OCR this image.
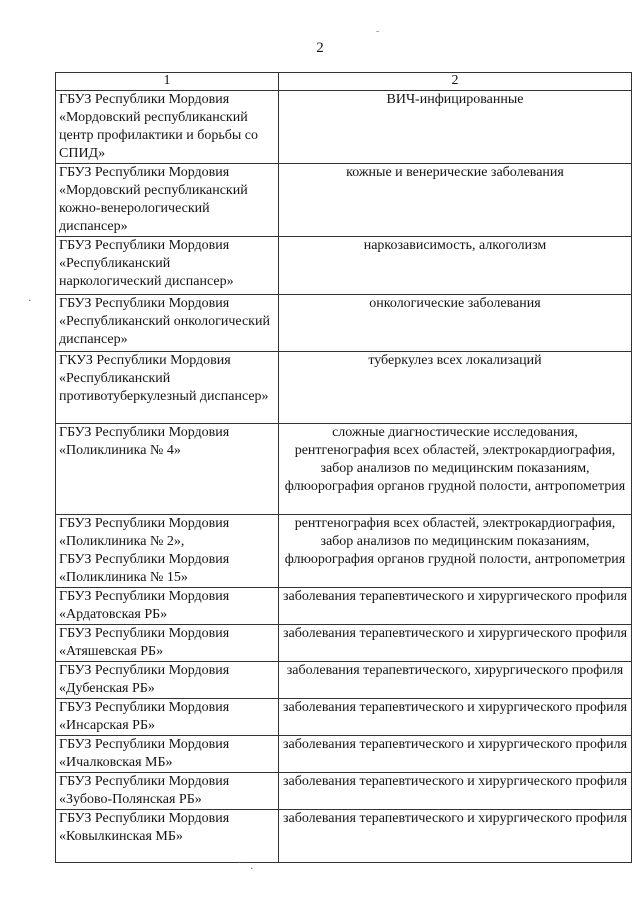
2
1	2
ГБУЗ Республики Мордовия «Мордовский республиканский центр профилактики и борьбы со СПИД»	ВИЧ-инфицированные
ГБУЗ Республики Мордовия «Мордовский республиканский кожно-венерологический диспансер»	кожные и венерические заболевания
ГБУЗ Республики Мордовия «Республиканский наркологический диспансер»	наркозависимость, алкоголизм
ГБУЗ Республики Мордовия «Республиканский онкологический диспансер»	онкологические заболевания
ГКУЗ Республики Мордовия «Республиканский противотуберкулезный диспансер»	туберкулез всех локализаций
ГБУЗ Республики Мордовия «Поликлиника № 4»	сложные диагностические исследования, рентгенография всех областей, электрокардиография, забор анализов по медицинским показаниям, флюорография органов грудной полости, антропометрия
ГБУЗ Республики Мордовия «Поликлиника № 2»,
ГБУЗ Республики Мордовия «Поликлиника № 15»	рентгенография всех областей, электрокардиография, забор анализов по медицинским показаниям, флюорография органов грудной полости, антропометрия
ГБУЗ Республики Мордовия «Ардатовская РБ»	заболевания терапевтического и хирургического профиля
ГБУЗ Республики Мордовия «Атяшевская РБ»	заболевания терапевтического и хирургического профиля
ГБУЗ Республики Мордовия «Дубенская РБ»	заболевания терапевтического, хирургического профиля
ГБУЗ Республики Мордовия «Инсарская РБ»	заболевания терапевтического и хирургического профиля
ГБУЗ Республики Мордовия «Ичалковская МБ»	заболевания терапевтического и хирургического профиля
ГБУЗ Республики Мордовия «Зубово-Полянская РБ»	заболевания терапевтического и хирургического профиля
ГБУЗ Республики Мордовия «Ковылкинская МБ»	заболевания терапевтического и хирургического профиля
˜
·
·
·
